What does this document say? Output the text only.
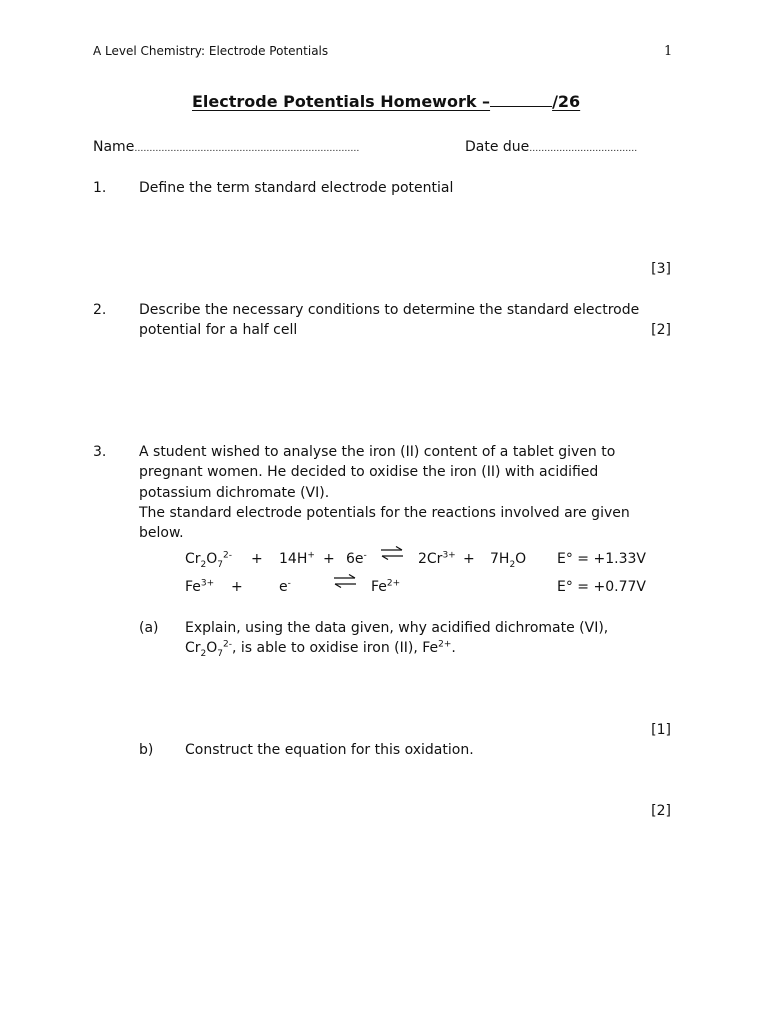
A Level Chemistry: Electrode Potentials	1
Electrode Potentials Homework –	/26
Name…………………………………………………………………	Date due………………………………
1. Define the term standard electrode potential
[3]
2. Describe the necessary conditions to determine the standard electrode
potential for a half cell	[2]
3. A student wished to analyse the iron (II) content of a tablet given to
pregnant women. He decided to oxidise the iron (II) with acidified
potassium dichromate (VI).
The standard electrode potentials for the reactions involved are given
below.
$Cr_2O_7^{2-} + 14H^+ + 6e^-$ ⇌ $2Cr^{3+} + 7H_2O$ E° = +1.33V
$Fe^{3+}$ +	e-	⇌ $Fe^{2+}$	E° = +0.77V
(a) Explain, using the data given, why acidified dichromate (VI),
$Cr_2O_7^{2-}$, is able to oxidise iron (II), $Fe^{2+}$.
[1]
b) Construct the equation for this oxidation.
[2]
